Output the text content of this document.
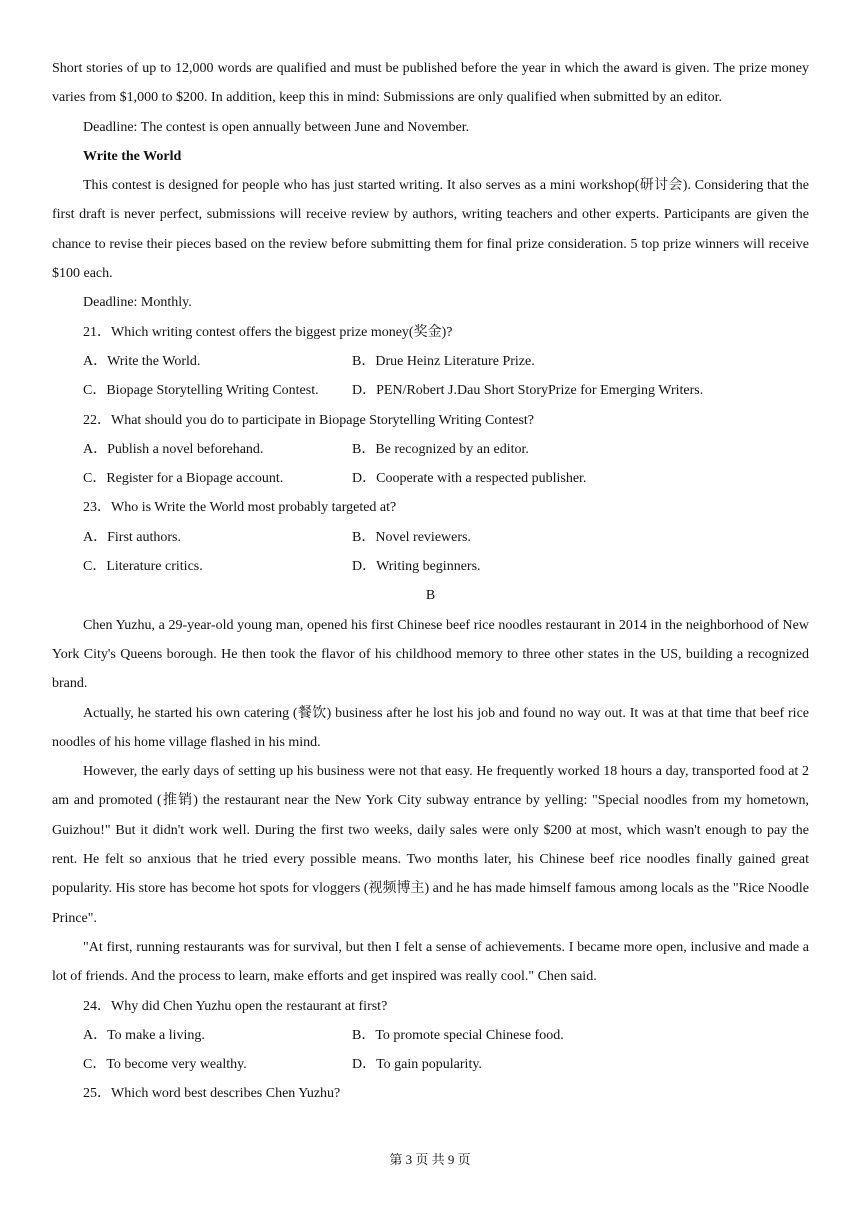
Short stories of up to 12,000 words are qualified and must be published before the year in which the award is given. The prize money varies from $1,000 to $200. In addition, keep this in mind: Submissions are only qualified when submitted by an editor.

Deadline: The contest is open annually between June and November.

Write the World

This contest is designed for people who has just started writing. It also serves as a mini workshop(研讨会). Considering that the first draft is never perfect, submissions will receive review by authors, writing teachers and other experts. Participants are given the chance to revise their pieces based on the review before submitting them for final prize consideration. 5 top prize winners will receive $100 each.

Deadline: Monthly.

21．Which writing contest offers the biggest prize money(奖金)?

A．Write the World.	B．Drue Heinz Literature Prize.
C．Biopage Storytelling Writing Contest.	D．PEN/Robert J.Dau Short StoryPrize for Emerging Writers.

22．What should you do to participate in Biopage Storytelling Writing Contest?

A．Publish a novel beforehand.	B．Be recognized by an editor.
C．Register for a Biopage account.	D．Cooperate with a respected publisher.

23．Who is Write the World most probably targeted at?

A．First authors.	B．Novel reviewers.
C．Literature critics.	D．Writing beginners.

B

Chen Yuzhu, a 29-year-old young man, opened his first Chinese beef rice noodles restaurant in 2014 in the neighborhood of New York City's Queens borough. He then took the flavor of his childhood memory to three other states in the US, building a recognized brand.

Actually, he started his own catering (餐饮) business after he lost his job and found no way out. It was at that time that beef rice noodles of his home village flashed in his mind.

However, the early days of setting up his business were not that easy. He frequently worked 18 hours a day, transported food at 2 am and promoted (推销) the restaurant near the New York City subway entrance by yelling: "Special noodles from my hometown, Guizhou!" But it didn't work well. During the first two weeks, daily sales were only $200 at most, which wasn't enough to pay the rent. He felt so anxious that he tried every possible means. Two months later, his Chinese beef rice noodles finally gained great popularity. His store has become hot spots for vloggers (视频博主) and he has made himself famous among locals as the "Rice Noodle Prince".

"At first, running restaurants was for survival, but then I felt a sense of achievements. I became more open, inclusive and made a lot of friends. And the process to learn, make efforts and get inspired was really cool." Chen said.

24．Why did Chen Yuzhu open the restaurant at first?

A．To make a living.	B．To promote special Chinese food.
C．To become very wealthy.	D．To gain popularity.

25．Which word best describes Chen Yuzhu?

第 3 页 共 9 页
